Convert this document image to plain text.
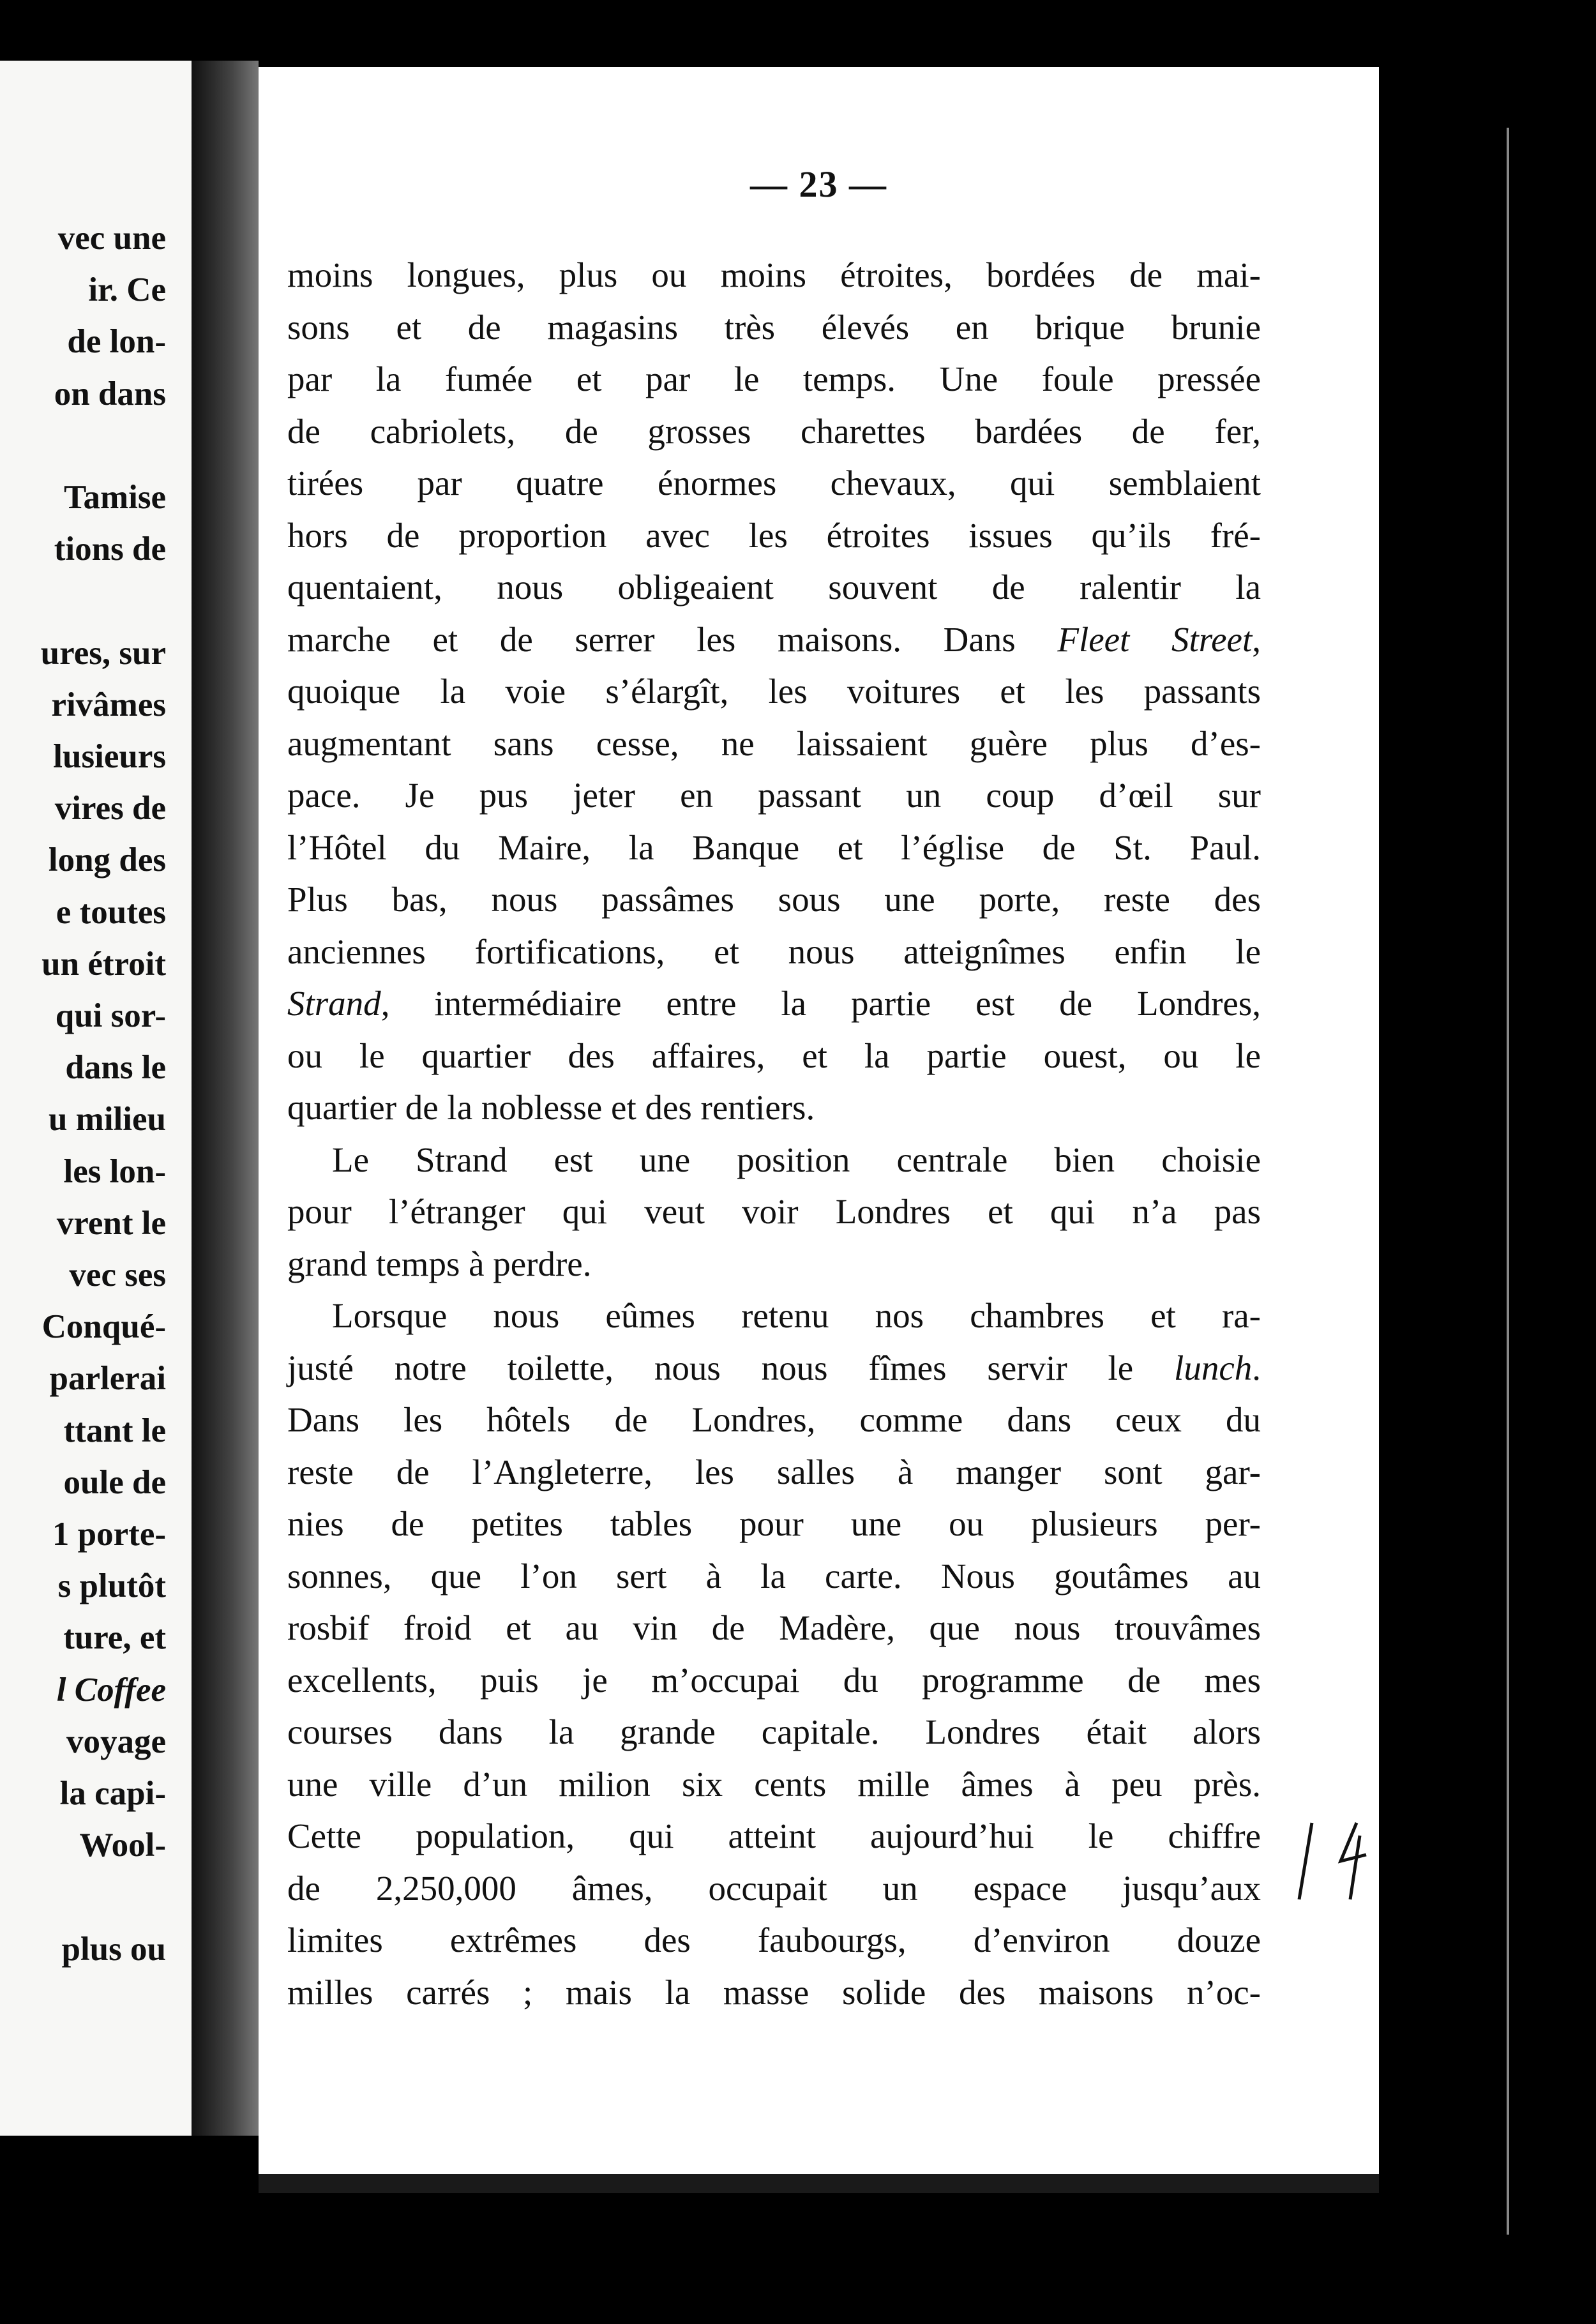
vec une
ir. Ce
de lon-
on dans
Tamise
tions de
ures, sur
rivâmes
lusieurs
vires de
long des
e toutes
un étroit
qui sor-
dans le
u milieu
les lon-
vrent le
vec ses
Conqué-
parlerai
ttant le
oule de
1 porte-
s plutôt
ture, et
l Coffee
voyage
la capi-
Wool-
plus ou
— 23 —
moins longues, plus ou moins étroites, bordées de mai-
sons et de magasins très élevés en brique brunie
par la fumée et par le temps. Une foule pressée
de cabriolets, de grosses charettes bardées de fer,
tirées par quatre énormes chevaux, qui semblaient
hors de proportion avec les étroites issues qu’ils fré-
quentaient, nous obligeaient souvent de ralentir la
marche et de serrer les maisons. Dans Fleet Street,
quoique la voie s’élargît, les voitures et les passants
augmentant sans cesse, ne laissaient guère plus d’es-
pace. Je pus jeter en passant un coup d’œil sur
l’Hôtel du Maire, la Banque et l’église de St. Paul.
Plus bas, nous passâmes sous une porte, reste des
anciennes fortifications, et nous atteignîmes enfin le
Strand, intermédiaire entre la partie est de Londres,
ou le quartier des affaires, et la partie ouest, ou le
quartier de la noblesse et des rentiers.
Le Strand est une position centrale bien choisie
pour l’étranger qui veut voir Londres et qui n’a pas
grand temps à perdre.
Lorsque nous eûmes retenu nos chambres et ra-
justé notre toilette, nous nous fîmes servir le lunch.
Dans les hôtels de Londres, comme dans ceux du
reste de l’Angleterre, les salles à manger sont gar-
nies de petites tables pour une ou plusieurs per-
sonnes, que l’on sert à la carte. Nous goutâmes au
rosbif froid et au vin de Madère, que nous trouvâmes
excellents, puis je m’occupai du programme de mes
courses dans la grande capitale. Londres était alors
une ville d’un milion six cents mille âmes à peu près.
Cette population, qui atteint aujourd’hui le chiffre
de 2,250,000 âmes, occupait un espace jusqu’aux
limites extrêmes des faubourgs, d’environ douze
milles carrés ; mais la masse solide des maisons n’oc-
